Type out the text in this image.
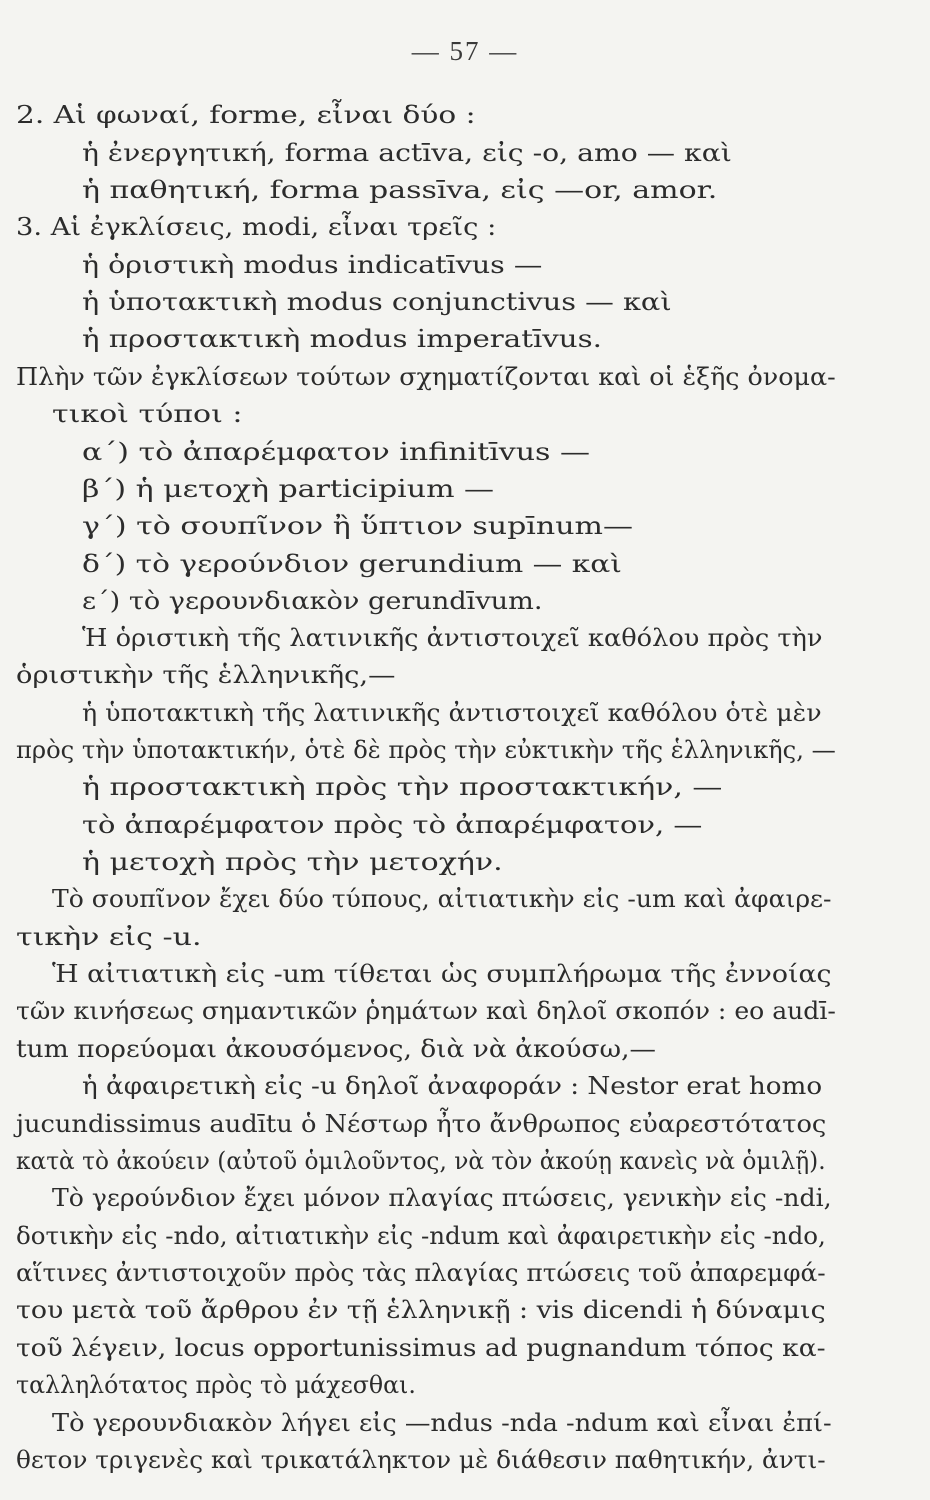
— 57 —
2. Αἱ φωναί, forme, εἶναι δύο :
ἡ ἐνεργητική, forma actīva, εἰς -o, amo — καὶ
ἡ παθητική, forma passīva, εἰς —or, amor.
3. Αἱ ἐγκλίσεις, modi, εἶναι τρεῖς :
ἡ ὁριστικὴ modus indicatīvus —
ἡ ὑποτακτικὴ modus conjunctivus — καὶ
ἡ προστακτικὴ modus imperatīvus.
Πλὴν τῶν ἐγκλίσεων τούτων σχηματίζονται καὶ οἱ ἑξῆς ὀνομα-
τικοὶ τύποι :
α΄) τὸ ἀπαρέμφατον infinitīvus —
β΄) ἡ μετοχὴ participium —
γ΄) τὸ σουπῖνον ἢ ὕπτιον supīnum—
δ΄) τὸ γερούνδιον gerundium — καὶ
ε΄) τὸ γερουνδιακὸν gerundīvum.
Ἡ ὁριστικὴ τῆς λατινικῆς ἀντιστοιχεῖ καθόλου πρὸς τὴν
ὁριστικὴν τῆς ἑλληνικῆς,—
ἡ ὑποτακτικὴ τῆς λατινικῆς ἀντιστοιχεῖ καθόλου ὁτὲ μὲν
πρὸς τὴν ὑποτακτικήν, ὁτὲ δὲ πρὸς τὴν εὐκτικὴν τῆς ἑλληνικῆς, —
ἡ προστακτικὴ πρὸς τὴν προστακτικήν, —
τὸ ἀπαρέμφατον πρὸς τὸ ἀπαρέμφατον, —
ἡ μετοχὴ πρὸς τὴν μετοχήν.
Τὸ σουπῖνον ἔχει δύο τύπους, αἰτιατικὴν εἰς -um καὶ ἀφαιρε-
τικὴν εἰς -u.
Ἡ αἰτιατικὴ εἰς -um τίθεται ὡς συμπλήρωμα τῆς ἐννοίας
τῶν κινήσεως σημαντικῶν ῥημάτων καὶ δηλοῖ σκοπόν : eo audī-
tum πορεύομαι ἀκουσόμενος, διὰ νὰ ἀκούσω,—
ἡ ἀφαιρετικὴ εἰς -u δηλοῖ ἀναφοράν : Nestor erat homo
jucundissimus audītu ὁ Νέστωρ ἦτο ἄνθρωπος εὐαρεστότατος
κατὰ τὸ ἀκούειν (αὐτοῦ ὁμιλοῦντος, νὰ τὸν ἀκούῃ κανεὶς νὰ ὁμιλῇ).
Τὸ γερούνδιον ἔχει μόνον πλαγίας πτώσεις, γενικὴν εἰς -ndi,
δοτικὴν εἰς -ndo, αἰτιατικὴν εἰς -ndum καὶ ἀφαιρετικὴν εἰς -ndo,
αἵτινες ἀντιστοιχοῦν πρὸς τὰς πλαγίας πτώσεις τοῦ ἀπαρεμφά-
του μετὰ τοῦ ἄρθρου ἐν τῇ ἑλληνικῇ : vis dicendi ἡ δύναμις
τοῦ λέγειν, locus opportunissimus ad pugnandum τόπος κα-
ταλληλότατος πρὸς τὸ μάχεσθαι.
Τὸ γερουνδιακὸν λήγει εἰς —ndus -nda -ndum καὶ εἶναι ἐπί-
θετον τριγενὲς καὶ τρικατάληκτον μὲ διάθεσιν παθητικήν, ἀντι-
